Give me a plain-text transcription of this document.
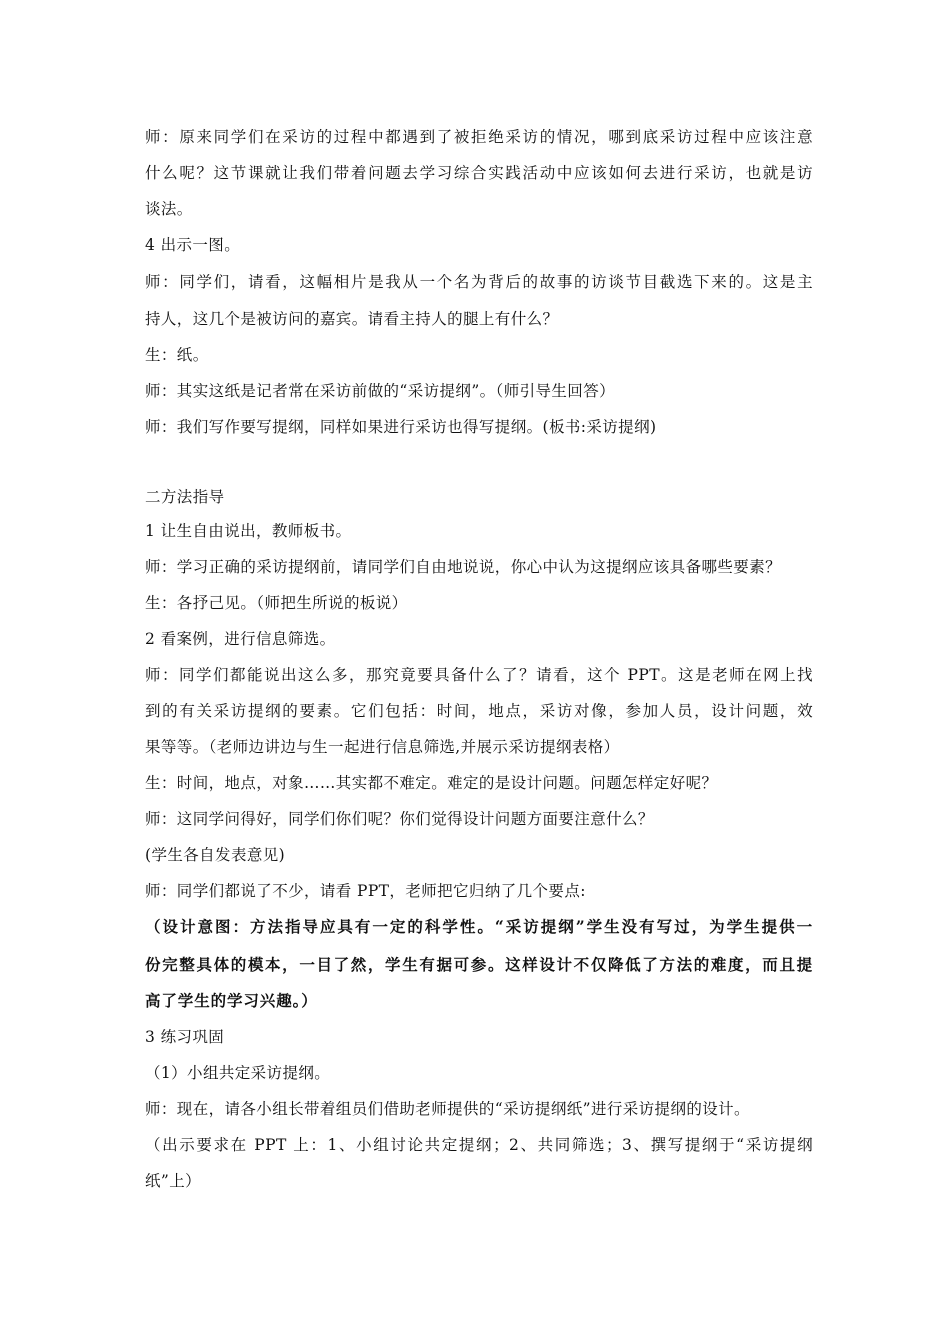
师：原来同学们在采访的过程中都遇到了被拒绝采访的情况，哪到底采访过程中应该注意
什么呢？这节课就让我们带着问题去学习综合实践活动中应该如何去进行采访，也就是访
谈法。
4 出示一图。
师：同学们，请看，这幅相片是我从一个名为背后的故事的访谈节目截选下来的。这是主
持人，这几个是被访问的嘉宾。请看主持人的腿上有什么？
生：纸。
师：其实这纸是记者常在采访前做的“采访提纲”。（师引导生回答）
师：我们写作要写提纲，同样如果进行采访也得写提纲。(板书:采访提纲)
二方法指导
1 让生自由说出，教师板书。
师：学习正确的采访提纲前，请同学们自由地说说，你心中认为这提纲应该具备哪些要素？
生：各抒己见。（师把生所说的板说）
2 看案例，进行信息筛选。
师：同学们都能说出这么多，那究竟要具备什么了？请看，这个 PPT。这是老师在网上找
到的有关采访提纲的要素。它们包括：时间，地点，采访对像，参加人员，设计问题，效
果等等。（老师边讲边与生一起进行信息筛选,并展示采访提纲表格）
生：时间，地点，对象……其实都不难定。难定的是设计问题。问题怎样定好呢？
师：这同学问得好，同学们你们呢？你们觉得设计问题方面要注意什么？
(学生各自发表意见)
师：同学们都说了不少，请看 PPT，老师把它归纳了几个要点:
（设计意图：方法指导应具有一定的科学性。“采访提纲”学生没有写过，为学生提供一
份完整具体的模本，一目了然，学生有据可参。这样设计不仅降低了方法的难度，而且提
高了学生的学习兴趣。）
3 练习巩固
（1）小组共定采访提纲。
师：现在，请各小组长带着组员们借助老师提供的“采访提纲纸”进行采访提纲的设计。
（出示要求在 PPT 上：1、小组讨论共定提纲；2、共同筛选；3、撰写提纲于“采访提纲
纸”上）
